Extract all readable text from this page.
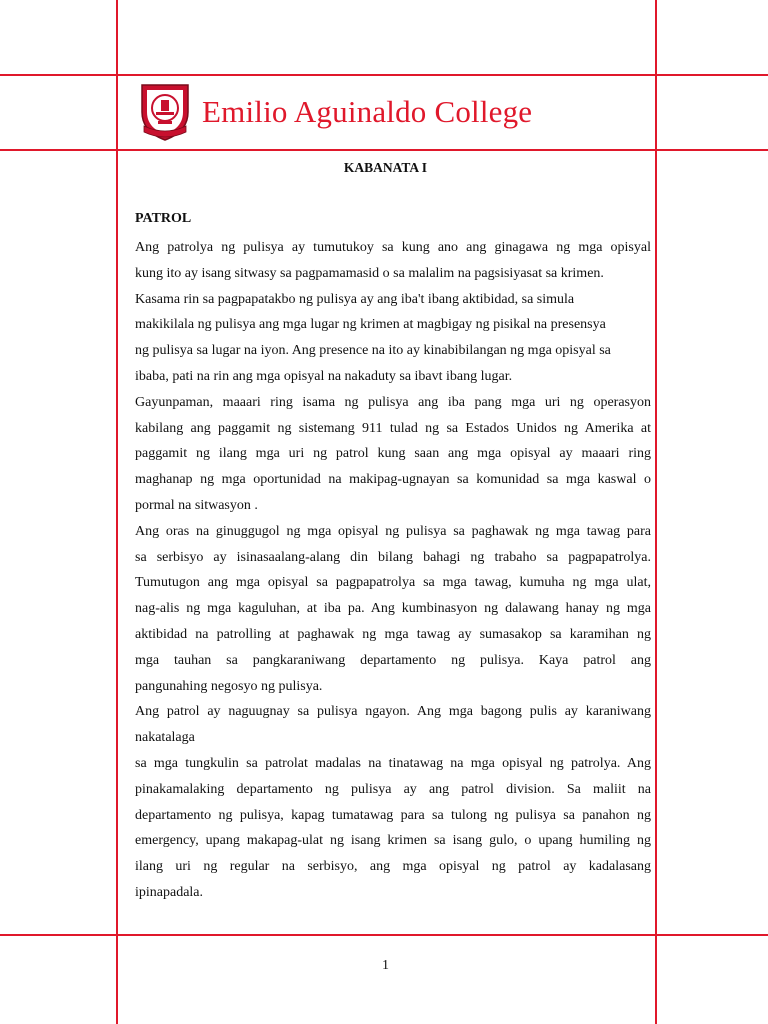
Emilio Aguinaldo College
KABANATA I
PATROL
Ang patrolya ng pulisya ay tumutukoy sa kung ano ang ginagawa ng mga opisyal
kung ito ay isang sitwasy sa pagpamamasid o sa malalim na pagsisiyasat sa krimen.
Kasama rin sa pagpapatakbo ng pulisya ay ang iba't ibang aktibidad, sa simula
makikilala ng pulisya ang mga lugar ng krimen at magbigay ng pisikal na presensya
ng pulisya sa lugar na iyon. Ang presence na ito ay kinabibilangan ng mga opisyal sa
ibaba, pati na rin ang mga opisyal na nakaduty sa ibavt ibang lugar.
Gayunpaman, maaari ring isama ng pulisya ang iba pang mga uri ng operasyon
kabilang ang paggamit ng sistemang 911 tulad ng sa Estados Unidos ng Amerika at
paggamit ng ilang mga uri ng patrol kung saan ang mga opisyal ay maaari ring
maghanap ng mga oportunidad na makipag-ugnayan sa komunidad sa mga kaswal o
pormal na sitwasyon .
Ang oras na ginuggugol ng mga opisyal ng pulisya sa paghawak ng mga tawag para
sa serbisyo ay isinasaalang-alang din bilang bahagi ng trabaho sa pagpapatrolya.
Tumutugon ang mga opisyal sa pagpapatrolya sa mga tawag, kumuha ng mga ulat,
nag-alis ng mga kaguluhan, at iba pa. Ang kumbinasyon ng dalawang hanay ng mga
aktibidad na patrolling at paghawak ng mga tawag ay sumasakop sa karamihan ng
mga tauhan sa pangkaraniwang departamento ng pulisya. Kaya patrol ang
pangunahing negosyo ng pulisya.
Ang patrol ay naguugnay sa pulisya ngayon. Ang mga bagong pulis ay karaniwang
nakatalaga
sa mga tungkulin sa patrolat madalas na tinatawag na mga opisyal ng patrolya. Ang
pinakamalaking departamento ng pulisya ay ang patrol division. Sa maliit na
departamento ng pulisya, kapag tumatawag para sa tulong ng pulisya sa panahon ng
emergency, upang makapag-ulat ng isang krimen sa isang gulo, o upang humiling ng
ilang uri ng regular na serbisyo, ang mga opisyal ng patrol ay kadalasang
ipinapadala.
1
